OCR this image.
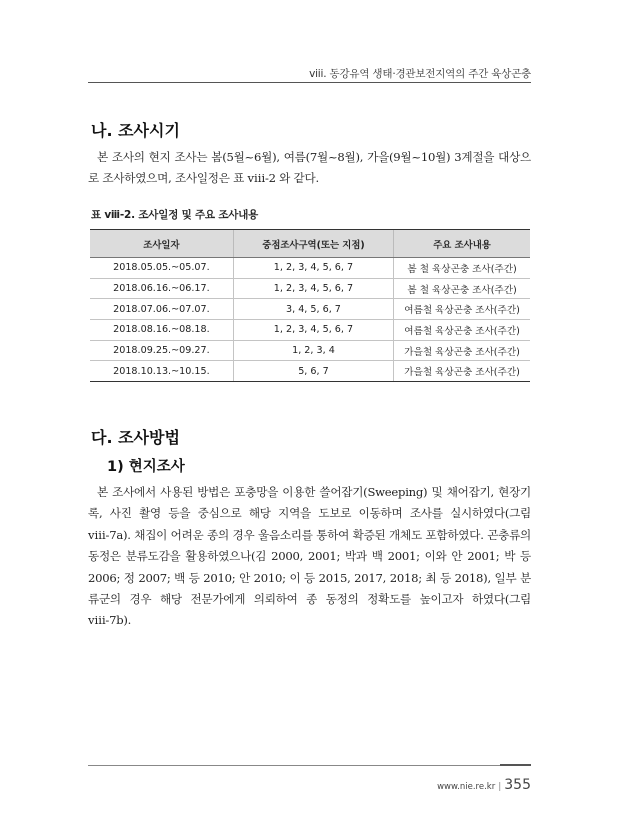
viii. 동강유역 생태·경관보전지역의 주간 육상곤충
나. 조사시기

본 조사의 현지 조사는 봄(5월~6월), 여름(7월~8월), 가을(9월~10월) 3계절을 대상으로 조사하였으며, 조사일정은 표 ⅷ-2 와 같다.

표 ⅷ-2. 조사일정 및 주요 조사내용
조사일자	중점조사구역(또는 지점)	주요 조사내용
2018.05.05.~05.07.	1, 2, 3, 4, 5, 6, 7	봄 철 육상곤충 조사(주간)
2018.06.16.~06.17.	1, 2, 3, 4, 5, 6, 7	봄 철 육상곤충 조사(주간)
2018.07.06.~07.07.	3, 4, 5, 6, 7	여름철 육상곤충 조사(주간)
2018.08.16.~08.18.	1, 2, 3, 4, 5, 6, 7	여름철 육상곤충 조사(주간)
2018.09.25.~09.27.	1, 2, 3, 4	가을철 육상곤충 조사(주간)
2018.10.13.~10.15.	5, 6, 7	가을철 육상곤충 조사(주간)
다. 조사방법
1) 현지조사

본 조사에서 사용된 방법은 포충망을 이용한 쓸어잡기(Sweeping) 및 채어잡기, 현장기록, 사진 촬영 등을 중심으로 해당 지역을 도보로 이동하며 조사를 실시하였다(그림 ⅷ-7a). 채집이 어려운 종의 경우 울음소리를 통하여 확증된 개체도 포함하였다. 곤충류의 동정은 분류도감을 활용하였으나(김 2000, 2001; 박과 백 2001; 이와 안 2001; 박 등 2006; 정 2007; 백 등 2010; 안 2010; 이 등 2015, 2017, 2018; 최 등 2018), 일부 분류군의 경우 해당 전문가에게 의뢰하여 종 동정의 정확도를 높이고자 하였다(그림 ⅷ-7b).

www.nie.re.kr | 355
